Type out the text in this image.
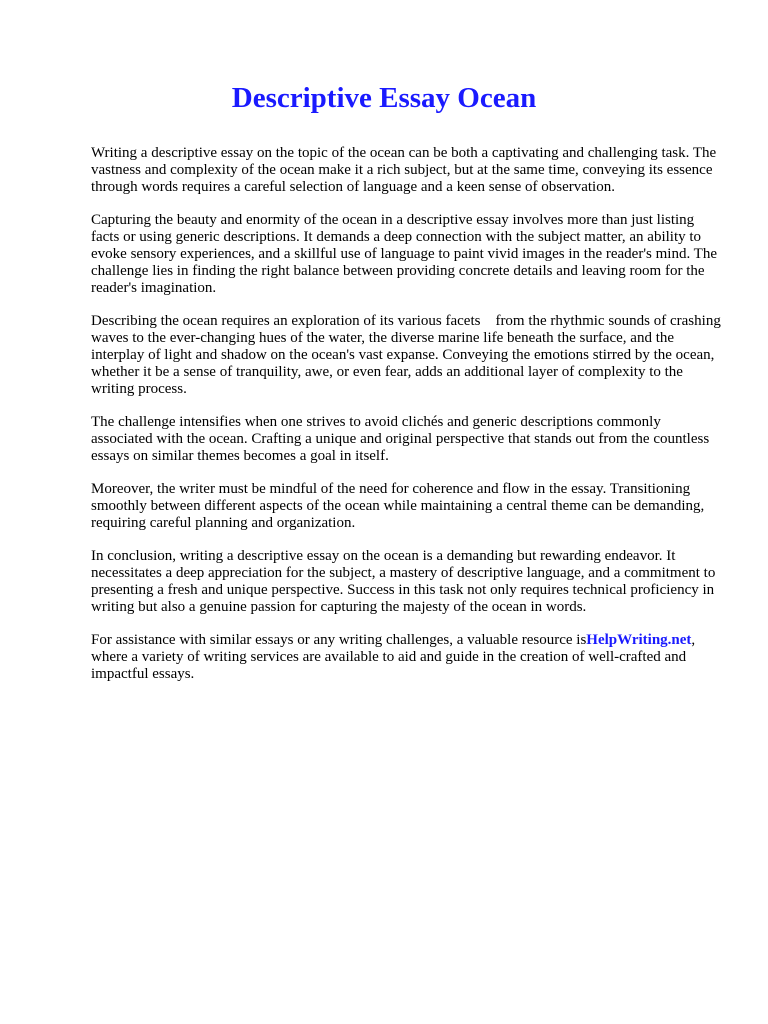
Descriptive Essay Ocean

Writing a descriptive essay on the topic of the ocean can be both a captivating and challenging task. The vastness and complexity of the ocean make it a rich subject, but at the same time, conveying its essence through words requires a careful selection of language and a keen sense of observation.

Capturing the beauty and enormity of the ocean in a descriptive essay involves more than just listing facts or using generic descriptions. It demands a deep connection with the subject matter, an ability to evoke sensory experiences, and a skillful use of language to paint vivid images in the reader's mind. The challenge lies in finding the right balance between providing concrete details and leaving room for the reader's imagination.

Describing the ocean requires an exploration of its various facets    from the rhythmic sounds of crashing waves to the ever-changing hues of the water, the diverse marine life beneath the surface, and the interplay of light and shadow on the ocean's vast expanse. Conveying the emotions stirred by the ocean, whether it be a sense of tranquility, awe, or even fear, adds an additional layer of complexity to the writing process.

The challenge intensifies when one strives to avoid clichés and generic descriptions commonly associated with the ocean. Crafting a unique and original perspective that stands out from the countless essays on similar themes becomes a goal in itself.

Moreover, the writer must be mindful of the need for coherence and flow in the essay. Transitioning smoothly between different aspects of the ocean while maintaining a central theme can be demanding, requiring careful planning and organization.

In conclusion, writing a descriptive essay on the ocean is a demanding but rewarding endeavor. It necessitates a deep appreciation for the subject, a mastery of descriptive language, and a commitment to presenting a fresh and unique perspective. Success in this task not only requires technical proficiency in writing but also a genuine passion for capturing the majesty of the ocean in words.

For assistance with similar essays or any writing challenges, a valuable resource isHelpWriting.net, where a variety of writing services are available to aid and guide in the creation of well-crafted and impactful essays.
